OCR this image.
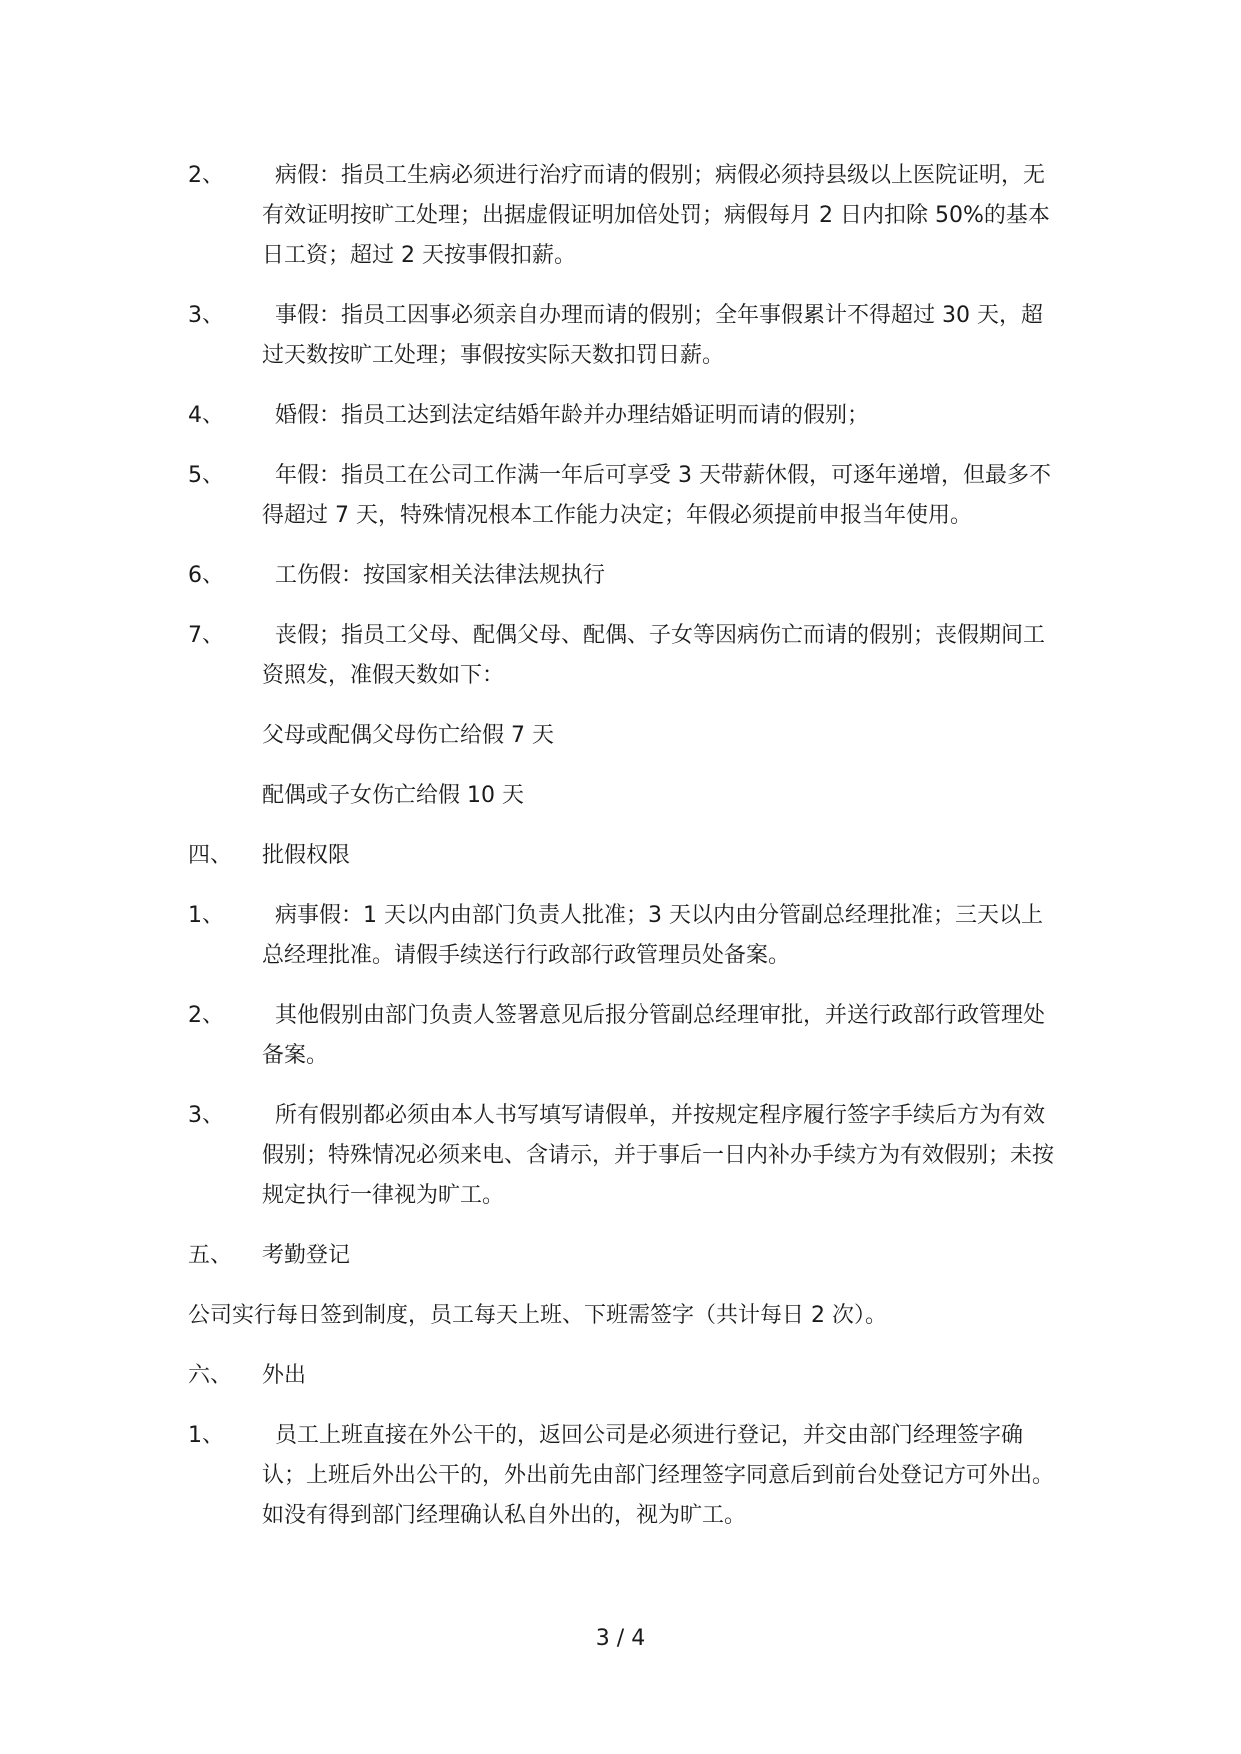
2、	病假：指员工生病必须进行治疗而请的假别；病假必须持县级以上医院证明，无有效证明按旷工处理；出据虚假证明加倍处罚；病假每月 2 日内扣除 50%的基本日工资；超过 2 天按事假扣薪。
3、	事假：指员工因事必须亲自办理而请的假别；全年事假累计不得超过 30 天，超过天数按旷工处理；事假按实际天数扣罚日薪。
4、	婚假：指员工达到法定结婚年龄并办理结婚证明而请的假别；
5、	年假：指员工在公司工作满一年后可享受 3 天带薪休假，可逐年递增，但最多不得超过 7 天，特殊情况根本工作能力决定；年假必须提前申报当年使用。
6、	工伤假：按国家相关法律法规执行
7、	丧假；指员工父母、配偶父母、配偶、子女等因病伤亡而请的假别；丧假期间工资照发，准假天数如下：
父母或配偶父母伤亡给假 7 天
配偶或子女伤亡给假 10 天
四、	批假权限
1、	病事假：1 天以内由部门负责人批准；3 天以内由分管副总经理批准；三天以上总经理批准。请假手续送行行政部行政管理员处备案。
2、	其他假别由部门负责人签署意见后报分管副总经理审批，并送行政部行政管理处备案。
3、	所有假别都必须由本人书写填写请假单，并按规定程序履行签字手续后方为有效假别；特殊情况必须来电、含请示，并于事后一日内补办手续方为有效假别；未按规定执行一律视为旷工。
五、	考勤登记
公司实行每日签到制度，员工每天上班、下班需签字（共计每日 2 次）。
六、	外出
1、	员工上班直接在外公干的，返回公司是必须进行登记，并交由部门经理签字确认；上班后外出公干的，外出前先由部门经理签字同意后到前台处登记方可外出。如没有得到部门经理确认私自外出的，视为旷工。
3 / 4
